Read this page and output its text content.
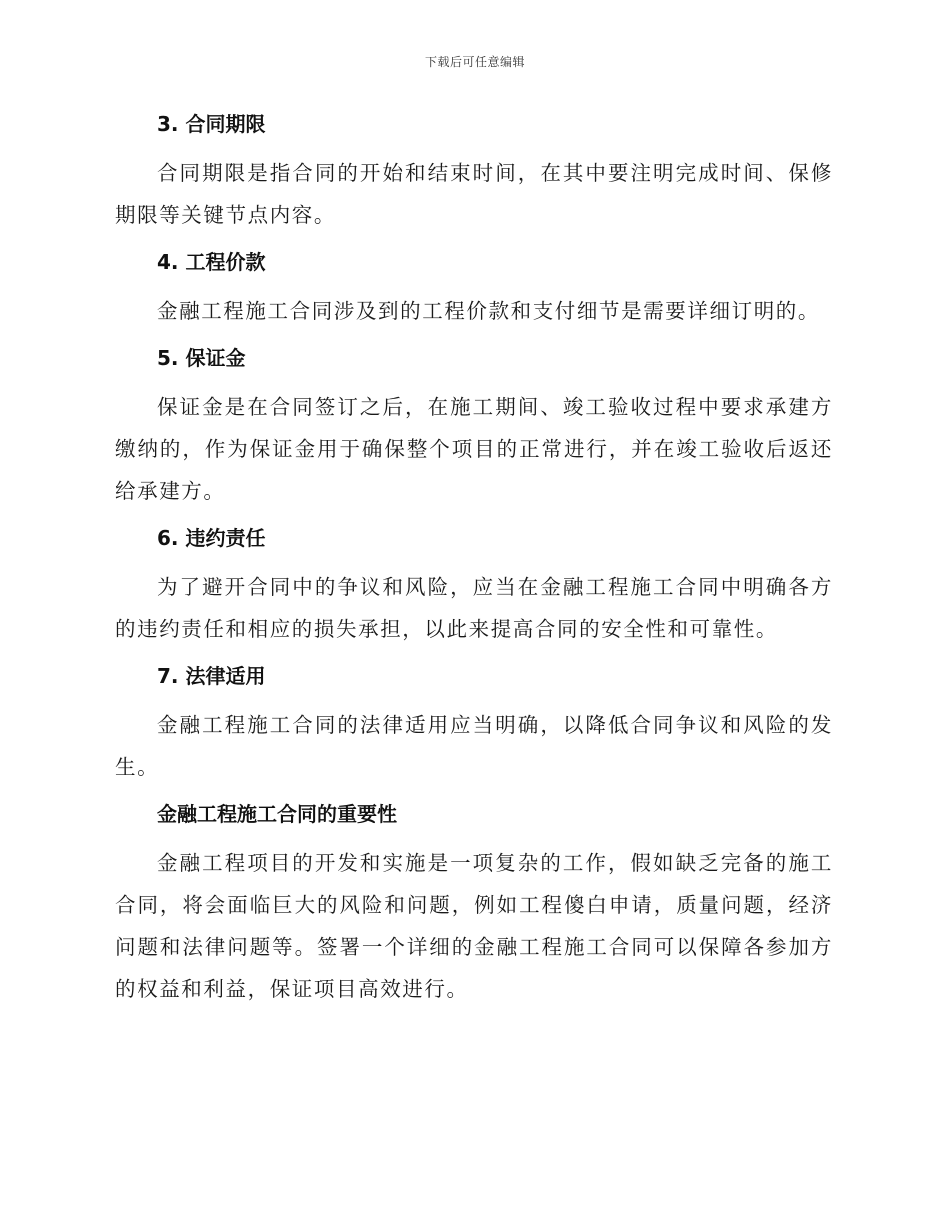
下载后可任意编辑
3. 合同期限

合同期限是指合同的开始和结束时间，在其中要注明完成时间、保修期限等关键节点内容。

4. 工程价款

金融工程施工合同涉及到的工程价款和支付细节是需要详细订明的。

5. 保证金

保证金是在合同签订之后，在施工期间、竣工验收过程中要求承建方缴纳的，作为保证金用于确保整个项目的正常进行，并在竣工验收后返还给承建方。

6. 违约责任

为了避开合同中的争议和风险，应当在金融工程施工合同中明确各方的违约责任和相应的损失承担，以此来提高合同的安全性和可靠性。

7. 法律适用

金融工程施工合同的法律适用应当明确，以降低合同争议和风险的发生。

金融工程施工合同的重要性

金融工程项目的开发和实施是一项复杂的工作，假如缺乏完备的施工合同，将会面临巨大的风险和问题，例如工程傻白申请，质量问题，经济问题和法律问题等。签署一个详细的金融工程施工合同可以保障各参加方的权益和利益，保证项目高效进行。
